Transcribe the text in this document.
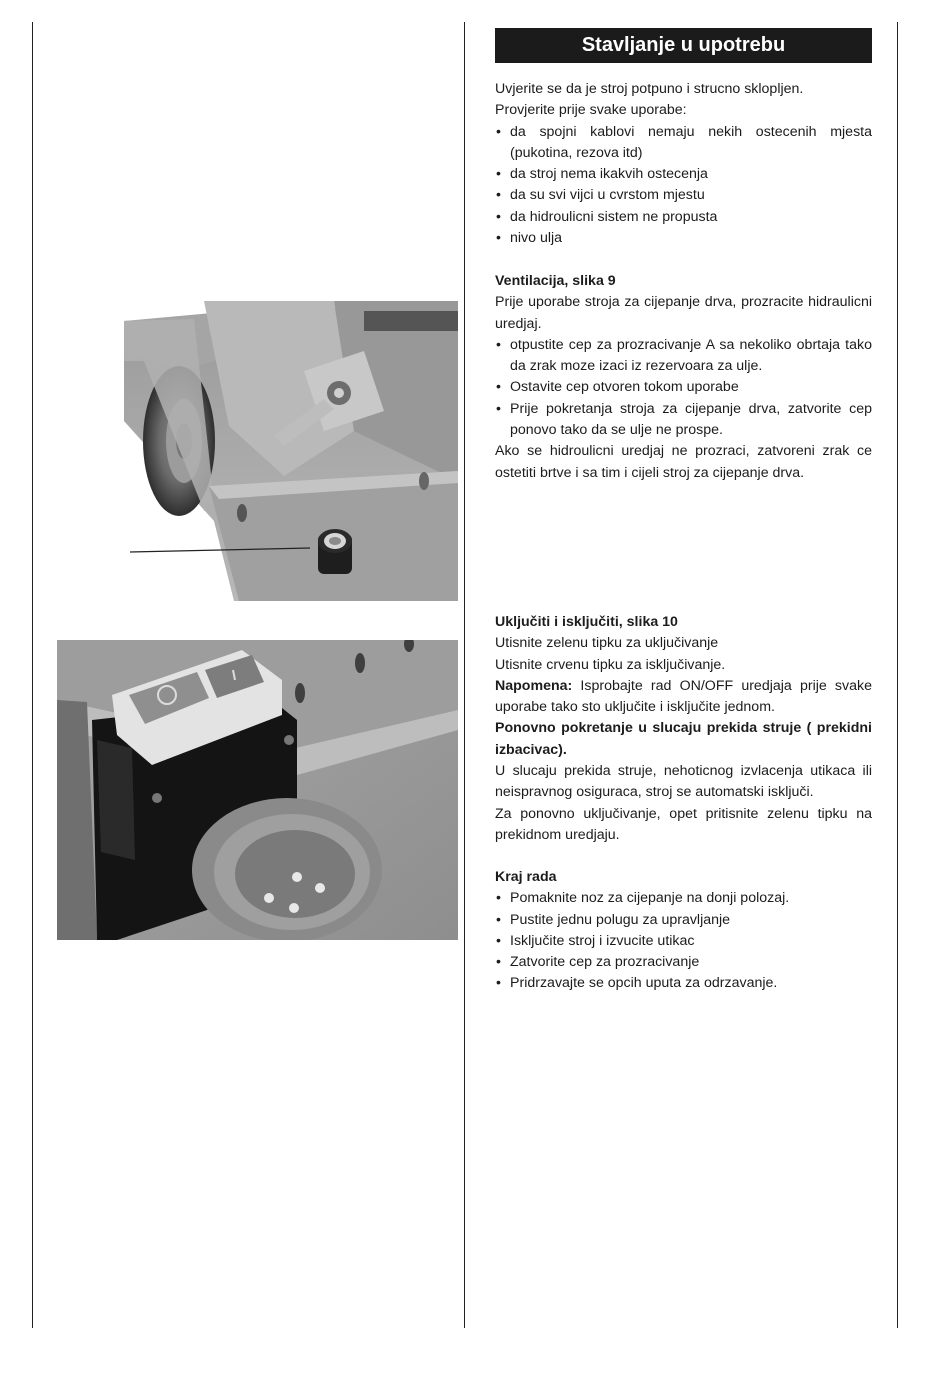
Stavljanje u upotrebu

Uvjerite se da je stroj potpuno i strucno sklopljen.

Provjerite prije svake uporabe:

• da spojni kablovi nemaju nekih ostecenih mjesta (pukotina, rezova itd)
• da stroj nema ikakvih ostecenja
• da su svi vijci u cvrstom mjestu
• da hidroulicni sistem ne propusta
• nivo ulja

Ventilacija, slika 9

Prije uporabe stroja za cijepanje drva, prozracite hidraulicni uredjaj.

• otpustite cep za prozracivanje A sa nekoliko obrtaja tako da zrak moze izaci iz rezervoara za ulje.
• Ostavite cep otvoren tokom uporabe
• Prije pokretanja stroja za cijepanje drva, zatvorite cep ponovo tako da se ulje ne prospe.

Ako se hidroulicni uredjaj ne prozraci, zatvoreni zrak ce ostetiti brtve i sa tim i cijeli stroj za cijepanje drva.

Uključiti i isključiti, slika 10

Utisnite zelenu tipku za uključivanje

Utisnite crvenu tipku za isključivanje.

Napomena: Isprobajte rad ON/OFF uredjaja prije svake uporabe tako sto uključite i isključite jednom.

Ponovno pokretanje u slucaju prekida struje ( prekidni izbacivac).

U slucaju prekida struje, nehoticnog izvlacenja utikaca ili neispravnog osiguraca, stroj se automatski isključi.

Za ponovno uključivanje, opet pritisnite zelenu tipku na prekidnom uredjaju.

Kraj rada

• Pomaknite noz za cijepanje na donji polozaj.
• Pustite jednu polugu za upravljanje
• Isključite stroj i izvucite utikac
• Zatvorite cep za prozracivanje
• Pridrzavajte se opcih uputa za odrzavanje.
